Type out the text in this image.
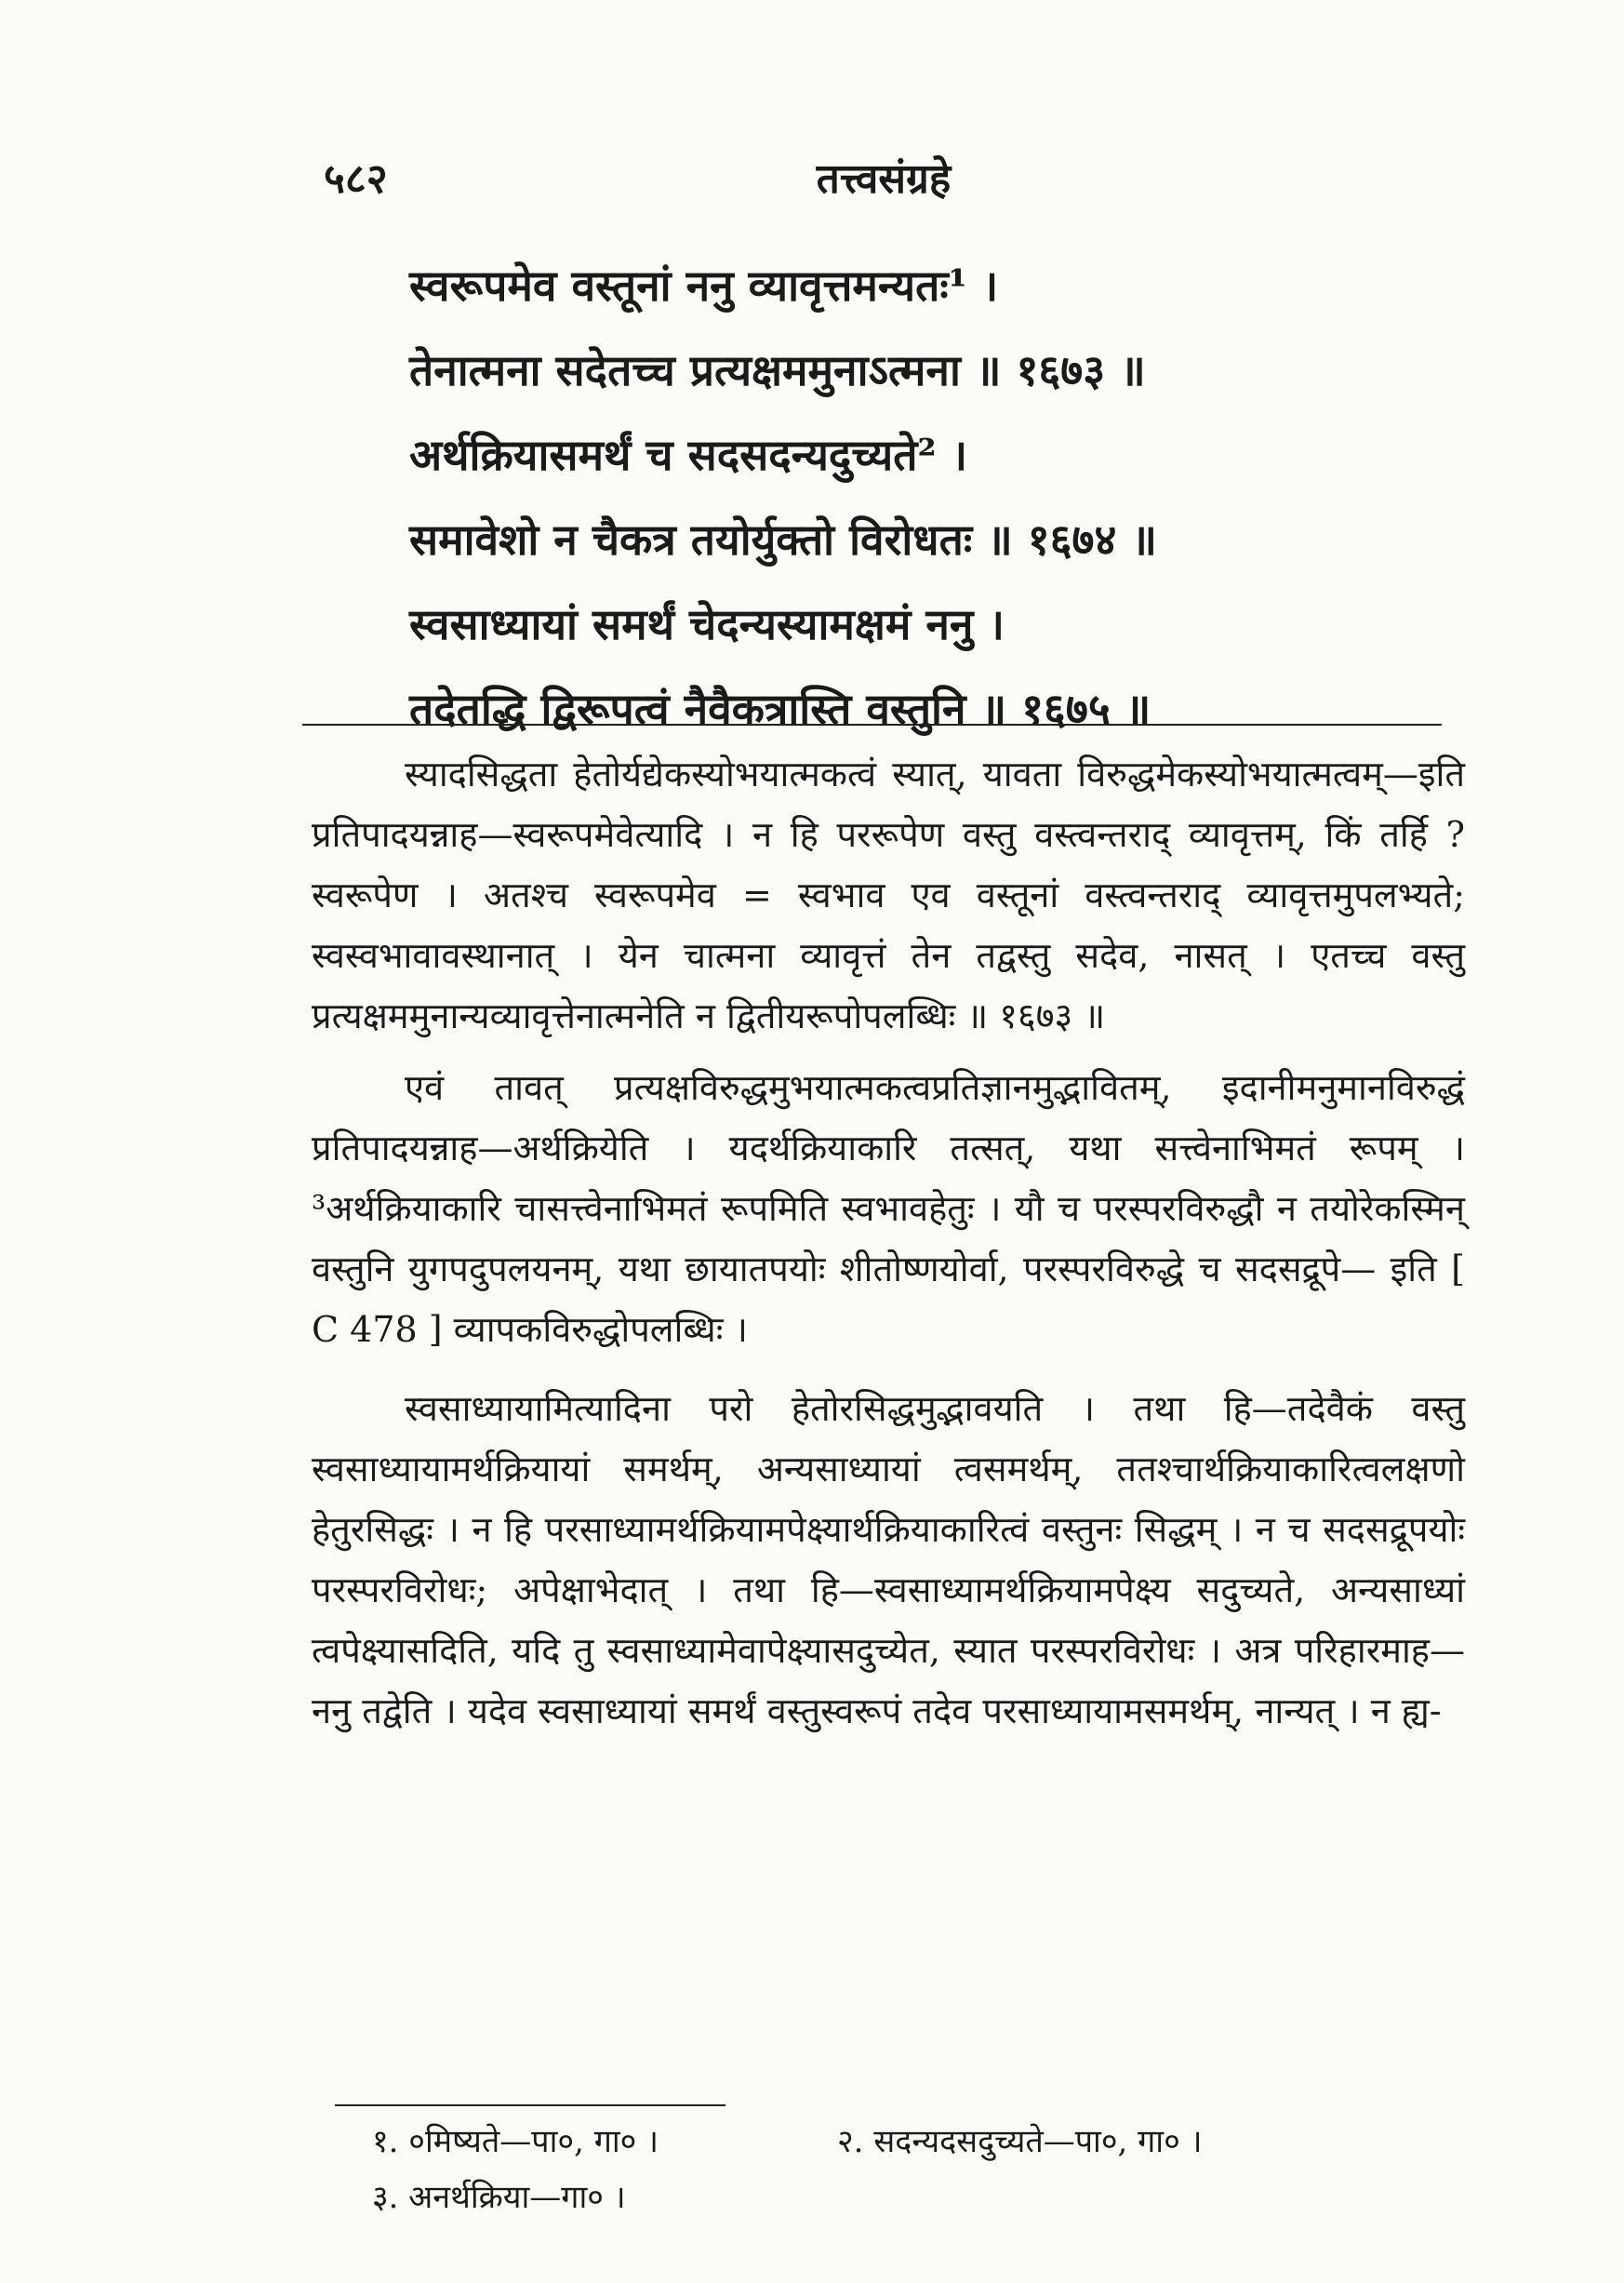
५८२	तत्त्वसंग्रहे
स्वरूपमेव वस्तूनां ननु व्यावृत्तमन्यतः¹ ।
तेनात्मना सदेतच्च प्रत्यक्षममुनाऽत्मना ॥ १६७३ ॥
अर्थक्रियासमर्थं च सदसदन्यदुच्यते² ।
समावेशो न चैकत्र तयोर्युक्तो विरोधतः ॥ १६७४ ॥
स्वसाध्यायां समर्थं चेदन्यस्यामक्षमं ननु ।
तदेतद्धि द्विरूपत्वं नैवैकत्रास्ति वस्तुनि ॥ १६७५ ॥

स्यादसिद्धता हेतोर्यद्येकस्योभयात्मकत्वं स्यात्, यावता विरुद्धमेकस्योभयात्मत्वम्—इति प्रतिपादयन्नाह—स्वरूपमेवेत्यादि । न हि पररूपेण वस्तु वस्त्वन्तराद् व्यावृत्तम्, किं तर्हि ? स्वरूपेण । अतश्च स्वरूपमेव = स्वभाव एव वस्तूनां वस्त्वन्तराद् व्यावृत्तमुपलभ्यते; स्वस्वभावावस्थानात् । येन चात्मना व्यावृत्तं तेन तद्वस्तु सदेव, नासत् । एतच्च वस्तु प्रत्यक्षममुनान्यव्यावृत्तेनात्मनेति न द्वितीयरूपोपलब्धिः ॥ १६७३ ॥

एवं तावत् प्रत्यक्षविरुद्धमुभयात्मकत्वप्रतिज्ञानमुद्भावितम्, इदानीमनुमानविरुद्धं प्रतिपादयन्नाह—अर्थक्रियेति । यदर्थक्रियाकारि तत्सत्, यथा सत्त्वेनाभिमतं रूपम् । ³अर्थक्रियाकारि चासत्त्वेनाभिमतं रूपमिति स्वभावहेतुः । यौ च परस्परविरुद्धौ न तयोरेकस्मिन् वस्तुनि युगपदुपलयनम्, यथा छायातपयोः शीतोष्णयोर्वा, परस्परविरुद्धे च सदसद्रूपे— इति [ C 478 ] व्यापकविरुद्धोपलब्धिः ।

स्वसाध्यायामित्यादिना परो हेतोरसिद्धमुद्भावयति । तथा हि—तदेवैकं वस्तु स्वसाध्यायामर्थक्रियायां समर्थम्, अन्यसाध्यायां त्वसमर्थम्, ततश्चार्थक्रियाकारित्वलक्षणो हेतुरसिद्धः । न हि परसाध्यामर्थक्रियामपेक्ष्यार्थक्रियाकारित्वं वस्तुनः सिद्धम् । न च सदसद्रूपयोः परस्परविरोधः; अपेक्षाभेदात् । तथा हि—स्वसाध्यामर्थक्रियामपेक्ष्य सदुच्यते, अन्यसाध्यां त्वपेक्ष्यासदिति, यदि तु स्वसाध्यामेवापेक्ष्यासदुच्येत, स्यात परस्परविरोधः । अत्र परिहारमाह—ननु तद्वेति । यदेव स्वसाध्यायां समर्थं वस्तुस्वरूपं तदेव परसाध्यायामसमर्थम्, नान्यत् । न ह्य-

१. ०मिष्यते—पा०, गा० ।	२. सदन्यदसदुच्यते—पा०, गा० ।
३. अनर्थक्रिया—गा० ।
